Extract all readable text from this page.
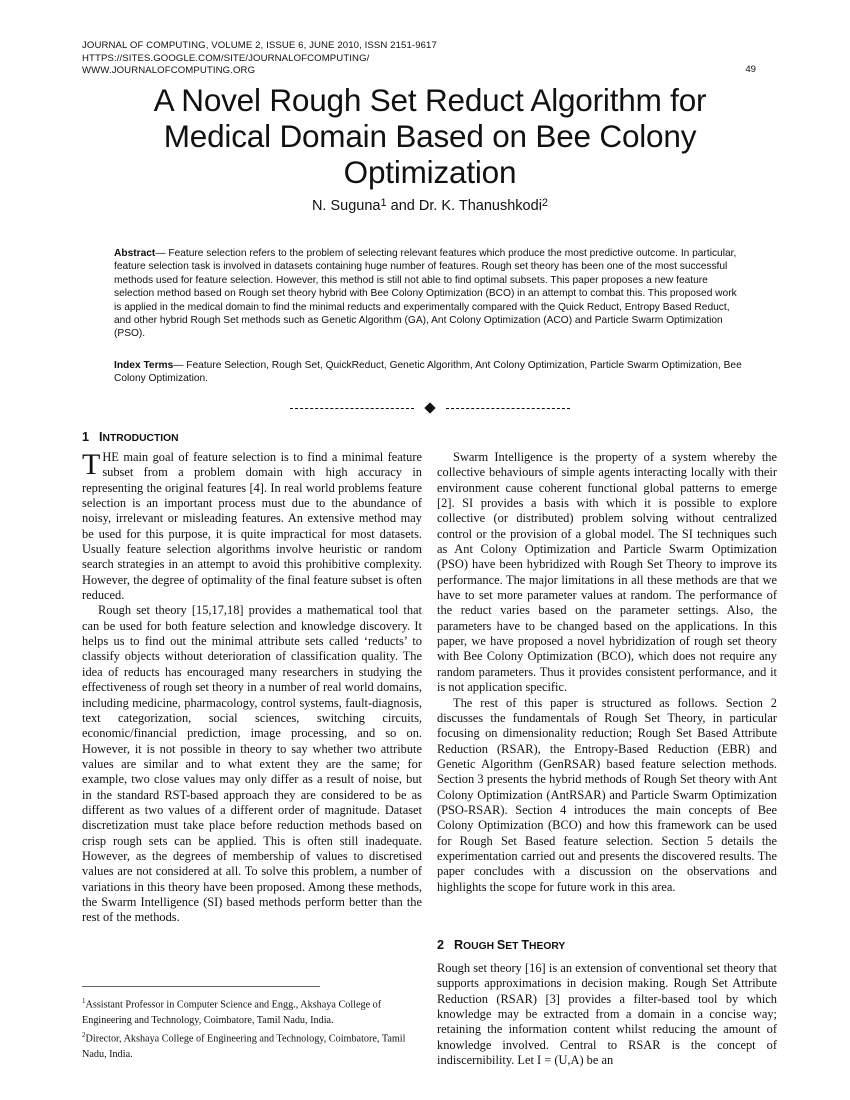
JOURNAL OF COMPUTING, VOLUME 2, ISSUE 6, JUNE 2010, ISSN 2151-9617
HTTPS://SITES.GOOGLE.COM/SITE/JOURNALOFCOMPUTING/
WWW.JOURNALOFCOMPUTING.ORG	49
A Novel Rough Set Reduct Algorithm for
Medical Domain Based on Bee Colony
Optimization
N. Suguna$^1$ and Dr. K. Thanushkodi$^2$

Abstract— Feature selection refers to the problem of selecting relevant features which produce the most predictive outcome. In particular, feature selection task is involved in datasets containing huge number of features. Rough set theory has been one of the most successful methods used for feature selection. However, this method is still not able to find optimal subsets. This paper proposes a new feature selection method based on Rough set theory hybrid with Bee Colony Optimization (BCO) in an attempt to combat this. This proposed work is applied in the medical domain to find the minimal reducts and experimentally compared with the Quick Reduct, Entropy Based Reduct, and other hybrid Rough Set methods such as Genetic Algorithm (GA), Ant Colony Optimization (ACO) and Particle Swarm Optimization (PSO).

Index Terms— Feature Selection, Rough Set, QuickReduct, Genetic Algorithm, Ant Colony Optimization, Particle Swarm Optimization, Bee Colony Optimization.

1 INTRODUCTION

THE main goal of feature selection is to find a minimal feature subset from a problem domain with high accuracy in representing the original features [4]. In real world problems feature selection is an important process must due to the abundance of noisy, irrelevant or misleading features. An extensive method may be used for this purpose, it is quite impractical for most datasets. Usually feature selection algorithms involve heuristic or random search strategies in an attempt to avoid this prohibitive complexity. However, the degree of optimality of the final feature subset is often reduced.

Rough set theory [15,17,18] provides a mathematical tool that can be used for both feature selection and knowledge discovery. It helps us to find out the minimal attribute sets called ‘reducts’ to classify objects without deterioration of classification quality. The idea of reducts has encouraged many researchers in studying the effectiveness of rough set theory in a number of real world domains, including medicine, pharmacology, control systems, fault-diagnosis, text categorization, social sciences, switching circuits, economic/financial prediction, image processing, and so on. However, it is not possible in theory to say whether two attribute values are similar and to what extent they are the same; for example, two close values may only differ as a result of noise, but in the standard RST-based approach they are considered to be as different as two values of a different order of magnitude. Dataset discretization must take place before reduction methods based on crisp rough sets can be applied. This is often still inadequate. However, as the degrees of membership of values to discretised values are not considered at all. To solve this problem, a number of variations in this theory have been proposed. Among these methods, the Swarm Intelligence (SI) based methods perform better than the rest of the methods.

Swarm Intelligence is the property of a system whereby the collective behaviours of simple agents interacting locally with their environment cause coherent functional global patterns to emerge [2]. SI provides a basis with which it is possible to explore collective (or distributed) problem solving without centralized control or the provision of a global model. The SI techniques such as Ant Colony Optimization and Particle Swarm Optimization (PSO) have been hybridized with Rough Set Theory to improve its performance. The major limitations in all these methods are that we have to set more parameter values at random. The performance of the reduct varies based on the parameter settings. Also, the parameters have to be changed based on the applications. In this paper, we have proposed a novel hybridization of rough set theory with Bee Colony Optimization (BCO), which does not require any random parameters. Thus it provides consistent performance, and it is not application specific.

The rest of this paper is structured as follows. Section 2 discusses the fundamentals of Rough Set Theory, in particular focusing on dimensionality reduction; Rough Set Based Attribute Reduction (RSAR), the Entropy-Based Reduction (EBR) and Genetic Algorithm (GenRSAR) based feature selection methods. Section 3 presents the hybrid methods of Rough Set theory with Ant Colony Optimization (AntRSAR) and Particle Swarm Optimization (PSO-RSAR). Section 4 introduces the main concepts of Bee Colony Optimization (BCO) and how this framework can be used for Rough Set Based feature selection. Section 5 details the experimentation carried out and presents the discovered results. The paper concludes with a discussion on the observations and highlights the scope for future work in this area.

2 ROUGH SET THEORY

Rough set theory [16] is an extension of conventional set theory that supports approximations in decision making. Rough Set Attribute Reduction (RSAR) [3] provides a filter-based tool by which knowledge may be extracted from a domain in a concise way; retaining the information content whilst reducing the amount of knowledge involved. Central to RSAR is the concept of indiscernibility. Let I = (U,A) be an

$^1$Assistant Professor in Computer Science and Engg., Akshaya College of Engineering and Technology, Coimbatore, Tamil Nadu, India.

$^2$Director, Akshaya College of Engineering and Technology, Coimbatore, Tamil Nadu, India.
